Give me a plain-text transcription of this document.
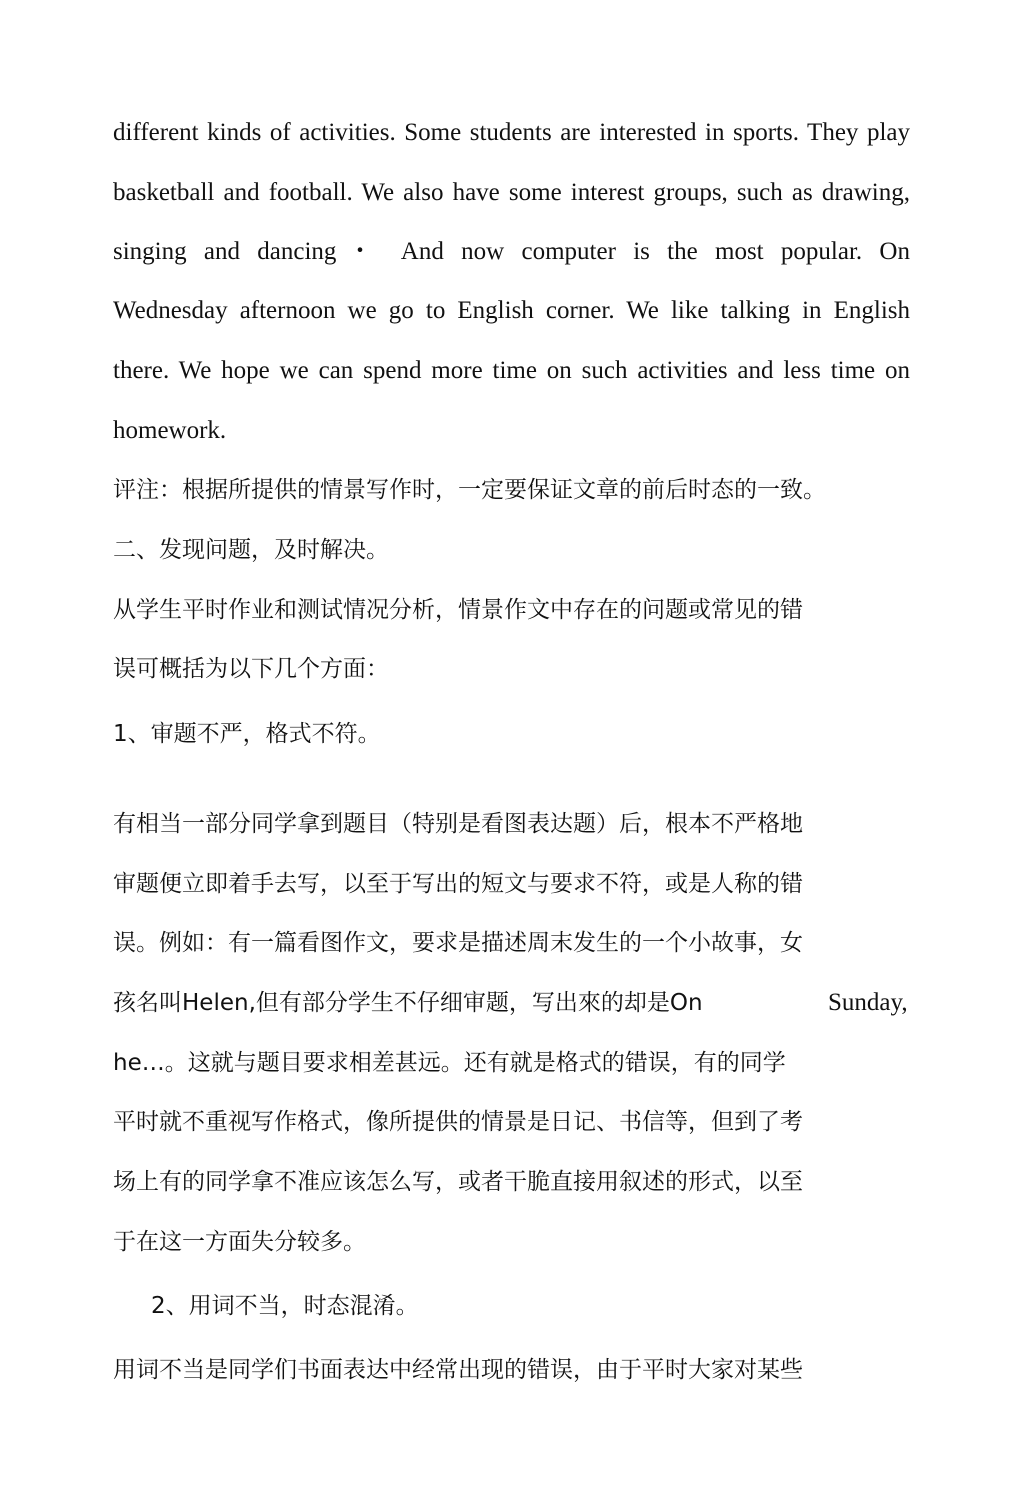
different kinds of activities. Some students are interested in sports. They play
basketball and football. We also have some interest groups, such as drawing,
singing and dancing・ And now computer is the most popular. On
Wednesday afternoon we go to English corner. We like talking in English
there. We hope we can spend more time on such activities and less time on
homework.
评注：根据所提供的情景写作时，一定要保证文章的前后时态的一致。
二、发现问题，及时解决。
从学生平时作业和测试情况分析，情景作文中存在的问题或常见的错
误可概括为以下几个方面：
1、审题不严，格式不符。
有相当一部分同学拿到题目（特别是看图表达题）后，根本不严格地
审题便立即着手去写，以至于写出的短文与要求不符，或是人称的错
误。例如：有一篇看图作文，要求是描述周末发生的一个小故事，女
孩名叫Helen,但有部分学生不仔细审题，写出來的却是On	Sunday,
he…。这就与题目要求相差甚远。还有就是格式的错误，有的同学
平时就不重视写作格式，像所提供的情景是日记、书信等，但到了考
场上有的同学拿不准应该怎么写，或者干脆直接用叙述的形式，以至
于在这一方面失分较多。
2、用词不当，时态混淆。
用词不当是同学们书面表达中经常出现的错误，由于平时大家对某些
